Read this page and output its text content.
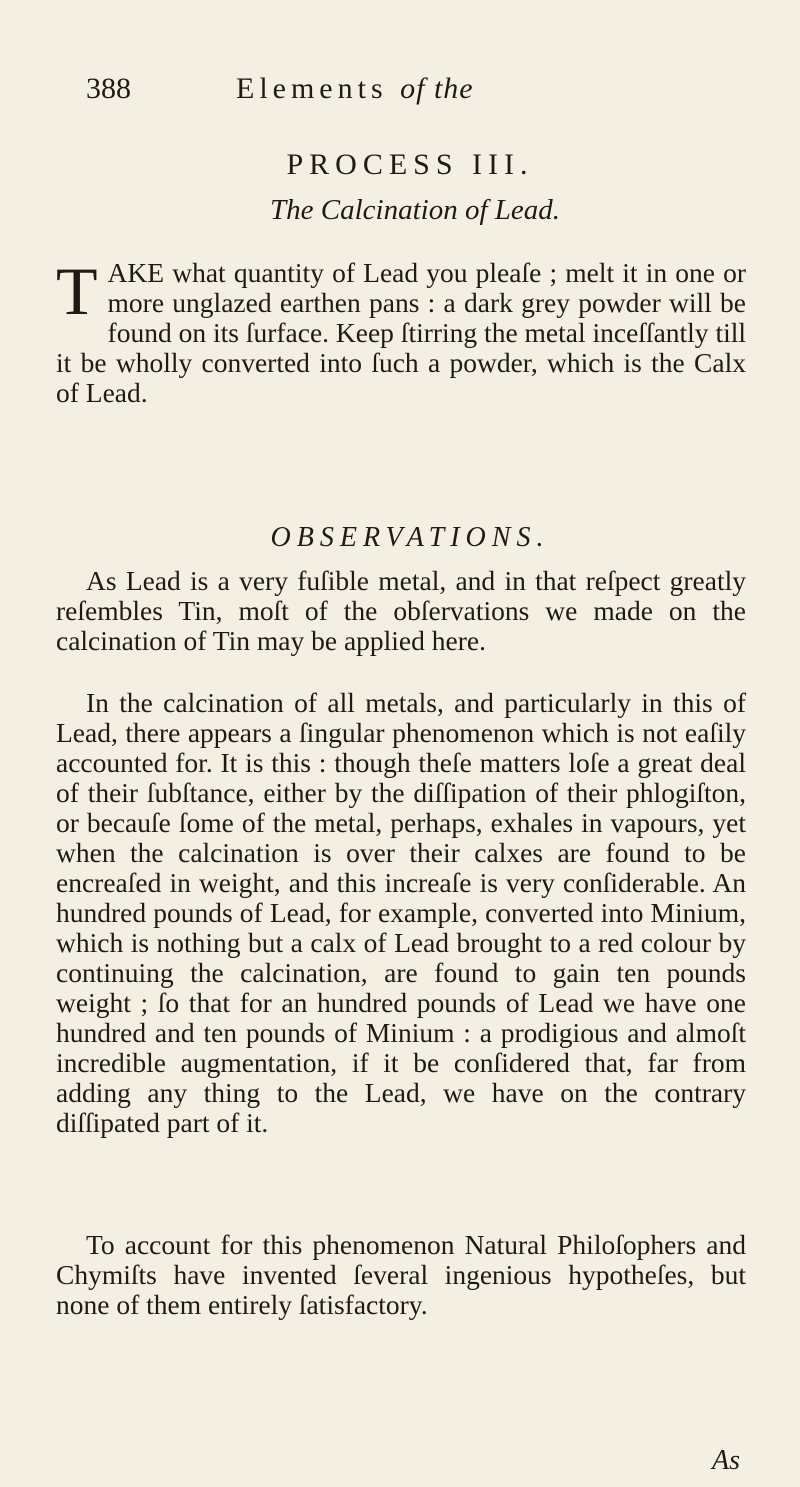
388	Elements of the
PROCESS III.
The Calcination of Lead.
TAKE what quantity of Lead you pleaſe ; melt it in one or more unglazed earthen pans : a dark grey powder will be found on its ſurface. Keep ſtirring the metal inceſſantly till it be wholly converted into ſuch a powder, which is the Calx of Lead.
OBSERVATIONS.
As Lead is a very fuſible metal, and in that reſpect greatly reſembles Tin, moſt of the obſervations we made on the calcination of Tin may be applied here.
In the calcination of all metals, and particularly in this of Lead, there appears a ſingular phenomenon which is not eaſily accounted for. It is this : though theſe matters loſe a great deal of their ſubſtance, either by the diſſipation of their phlogiſton, or becauſe ſome of the metal, perhaps, exhales in vapours, yet when the calcination is over their calxes are found to be encreaſed in weight, and this increaſe is very conſiderable. An hundred pounds of Lead, for example, converted into Minium, which is nothing but a calx of Lead brought to a red colour by continuing the calcination, are found to gain ten pounds weight ; ſo that for an hundred pounds of Lead we have one hundred and ten pounds of Minium : a prodigious and almoſt incredible augmentation, if it be conſidered that, far from adding any thing to the Lead, we have on the contrary diſſipated part of it.
To account for this phenomenon Natural Philoſophers and Chymiſts have invented ſeveral ingenious hypotheſes, but none of them entirely ſatisfactory.
As
